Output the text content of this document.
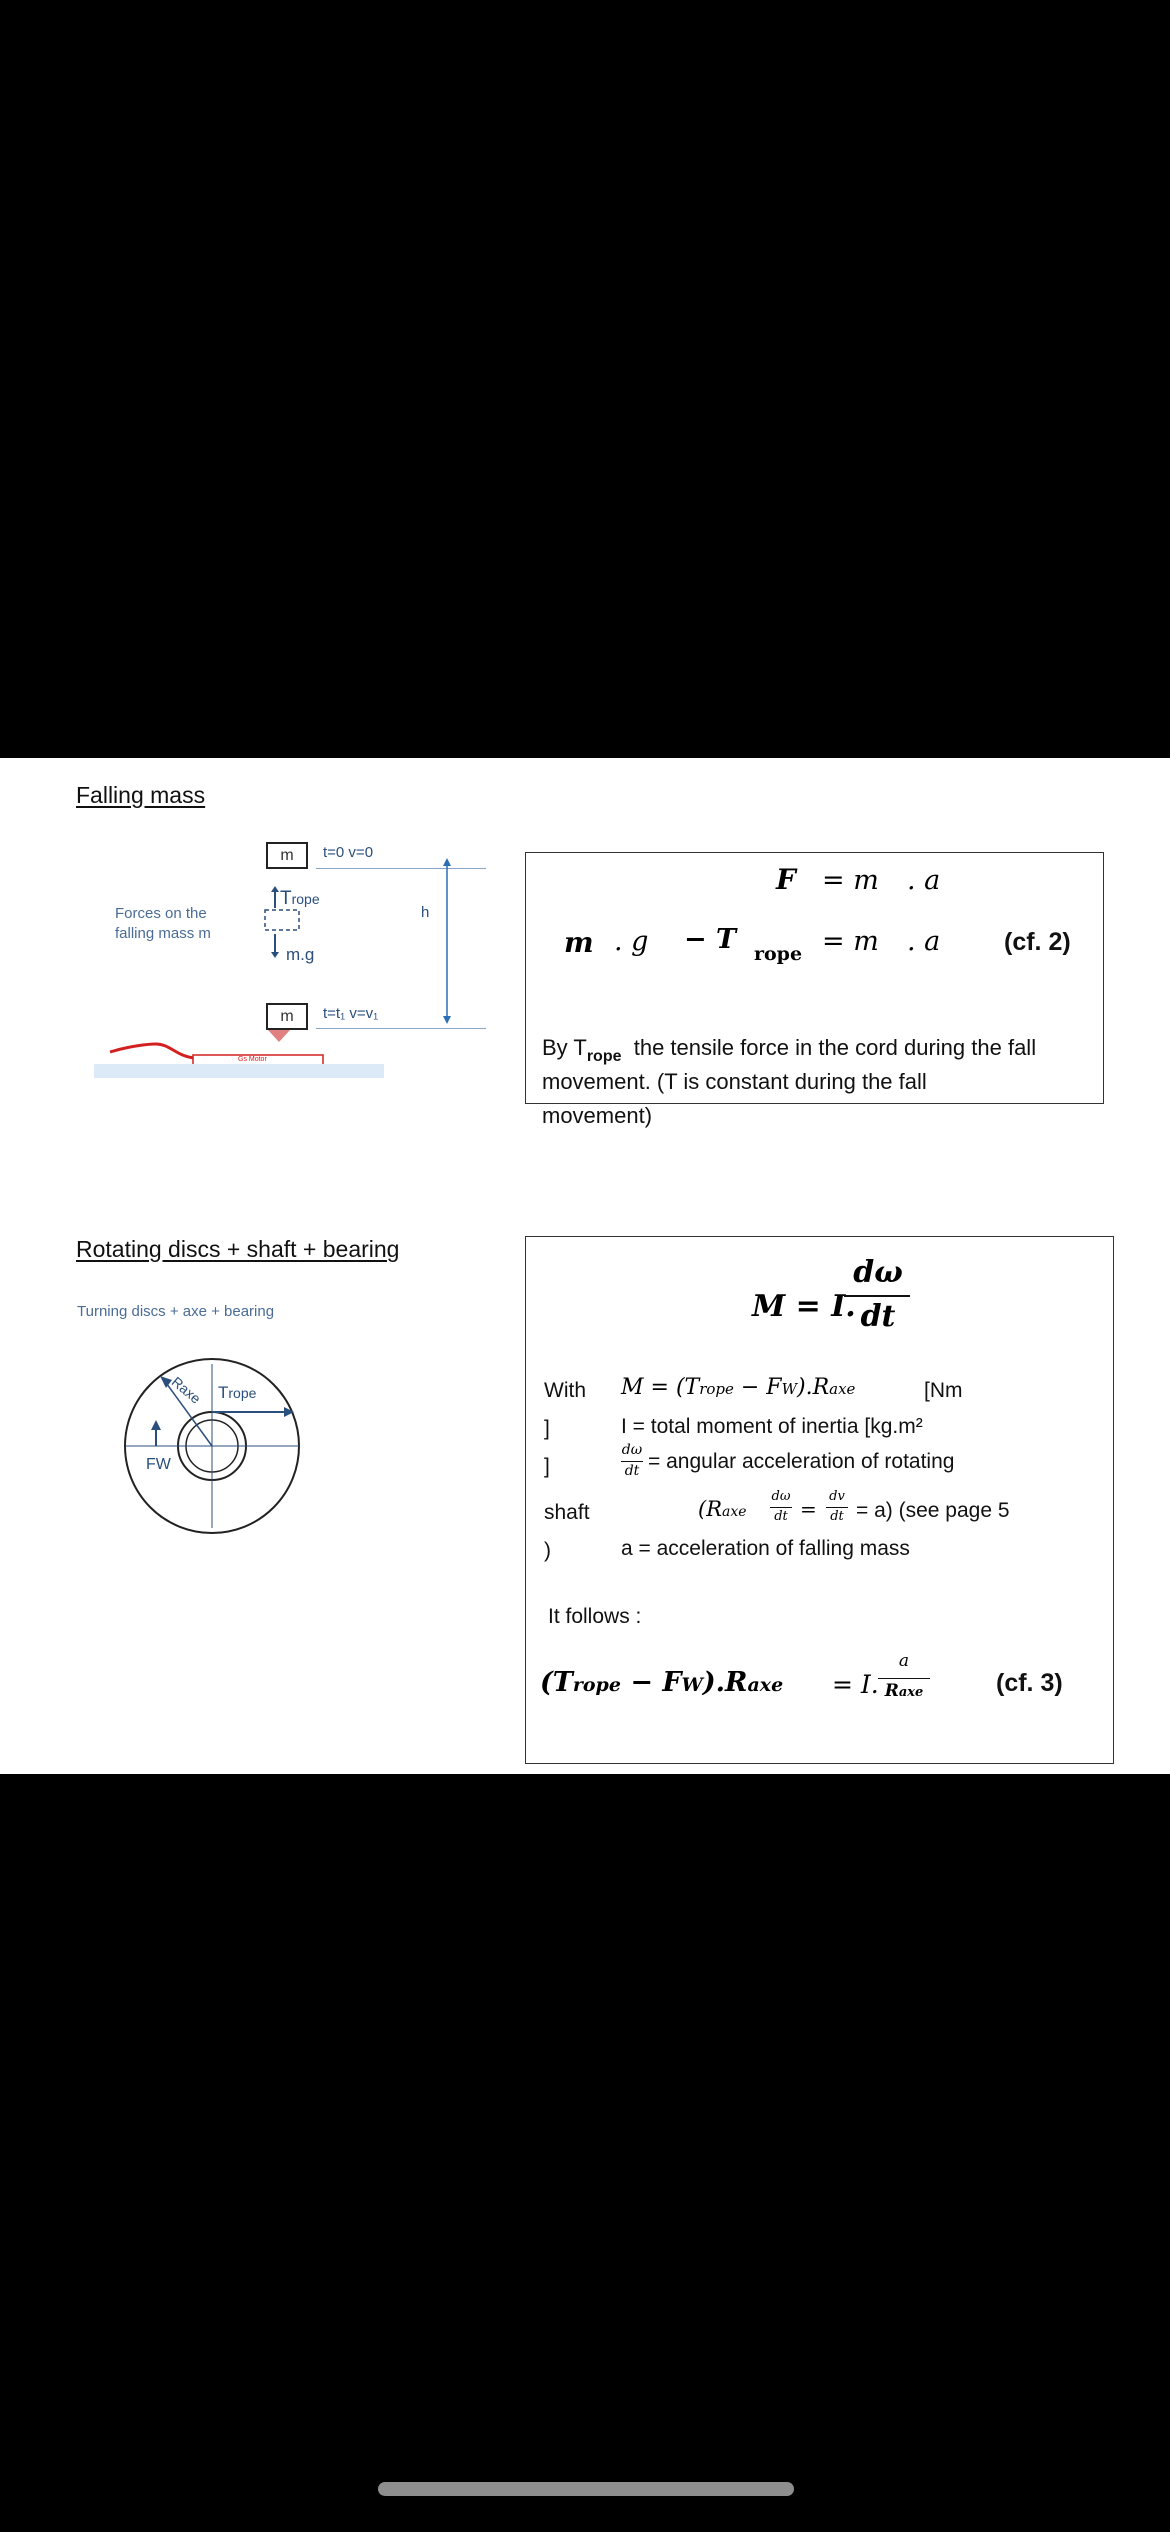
Falling mass
m	t=0 v=0
Trope
m.g
Forces on the
falling mass m
h
m	t=t₁ v=v₁
Gs Motor
F = m . a
m . g − T rope = m . a	(cf. 2)
By $T_{rope}$ the tensile force in the cord during the fall
movement. (T is constant during the fall
movement)
Rotating discs + shaft + bearing
Turning discs + axe + bearing
Raxe Trope
FW
M = I.
dω
dt
With
]
]
shaft
)
M = (Trope − FW).Raxe	[Nm
I = total moment of inertia [kg.m²
dω
dt = angular acceleration of rotating
(Raxe
dω
dt =
dv
dt = a) (see page 5
a = acceleration of falling mass
It follows :
(Trope − FW).Raxe = I.
a
Raxe	(cf. 3)
